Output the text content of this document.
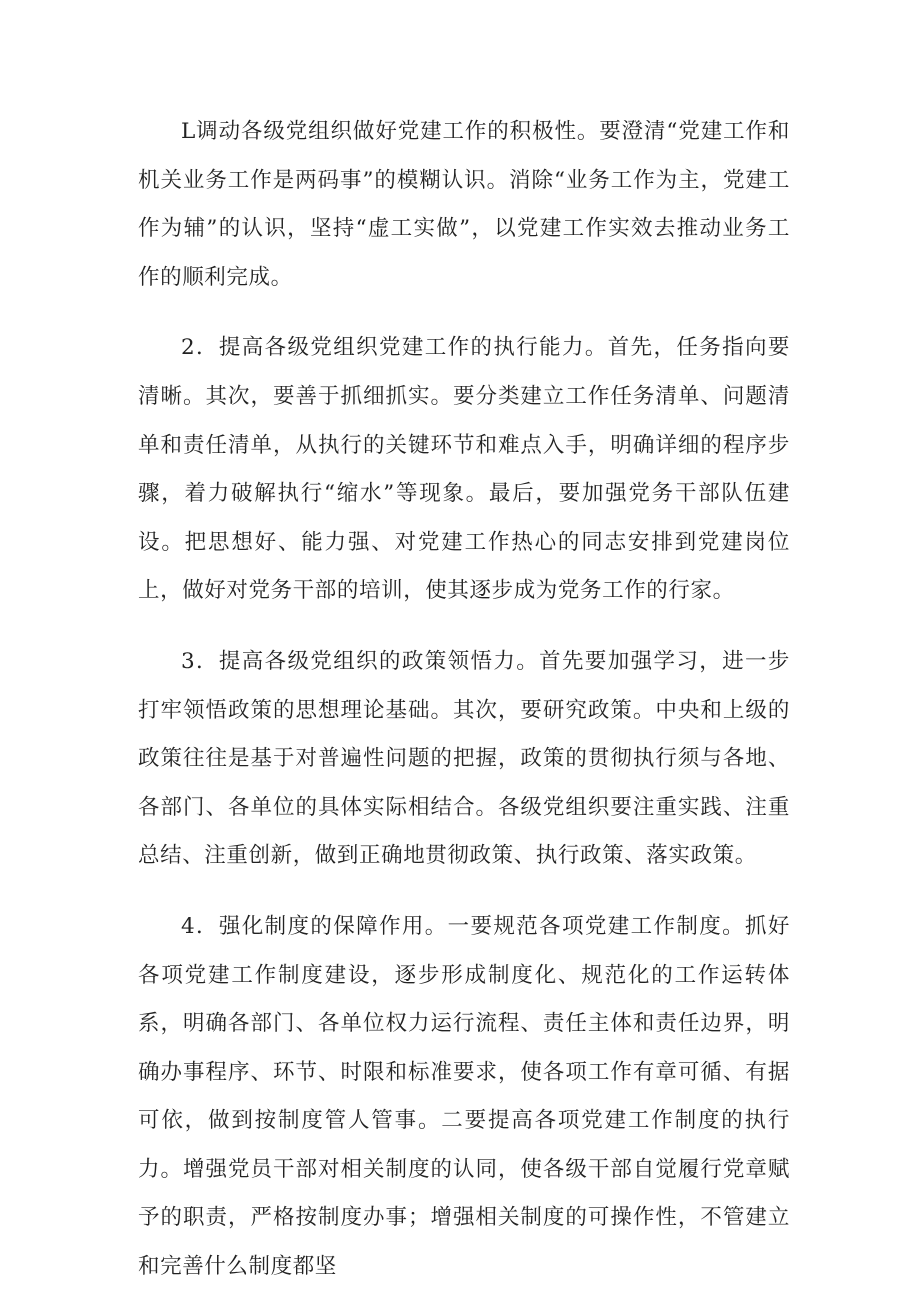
L调动各级党组织做好党建工作的积极性。要澄清“党建工作和机关业务工作是两码事”的模糊认识。消除“业务工作为主，党建工作为辅”的认识，坚持“虚工实做”，以党建工作实效去推动业务工作的顺利完成。

2．提高各级党组织党建工作的执行能力。首先，任务指向要清晰。其次，要善于抓细抓实。要分类建立工作任务清单、问题清单和责任清单，从执行的关键环节和难点入手，明确详细的程序步骤，着力破解执行“缩水”等现象。最后，要加强党务干部队伍建设。把思想好、能力强、对党建工作热心的同志安排到党建岗位上，做好对党务干部的培训，使其逐步成为党务工作的行家。

3．提高各级党组织的政策领悟力。首先要加强学习，进一步打牢领悟政策的思想理论基础。其次，要研究政策。中央和上级的政策往往是基于对普遍性问题的把握，政策的贯彻执行须与各地、各部门、各单位的具体实际相结合。各级党组织要注重实践、注重总结、注重创新，做到正确地贯彻政策、执行政策、落实政策。

4．强化制度的保障作用。一要规范各项党建工作制度。抓好各项党建工作制度建设，逐步形成制度化、规范化的工作运转体系，明确各部门、各单位权力运行流程、责任主体和责任边界，明确办事程序、环节、时限和标准要求，使各项工作有章可循、有据可依，做到按制度管人管事。二要提高各项党建工作制度的执行力。增强党员干部对相关制度的认同，使各级干部自觉履行党章赋予的职责，严格按制度办事；增强相关制度的可操作性，不管建立和完善什么制度都坚
